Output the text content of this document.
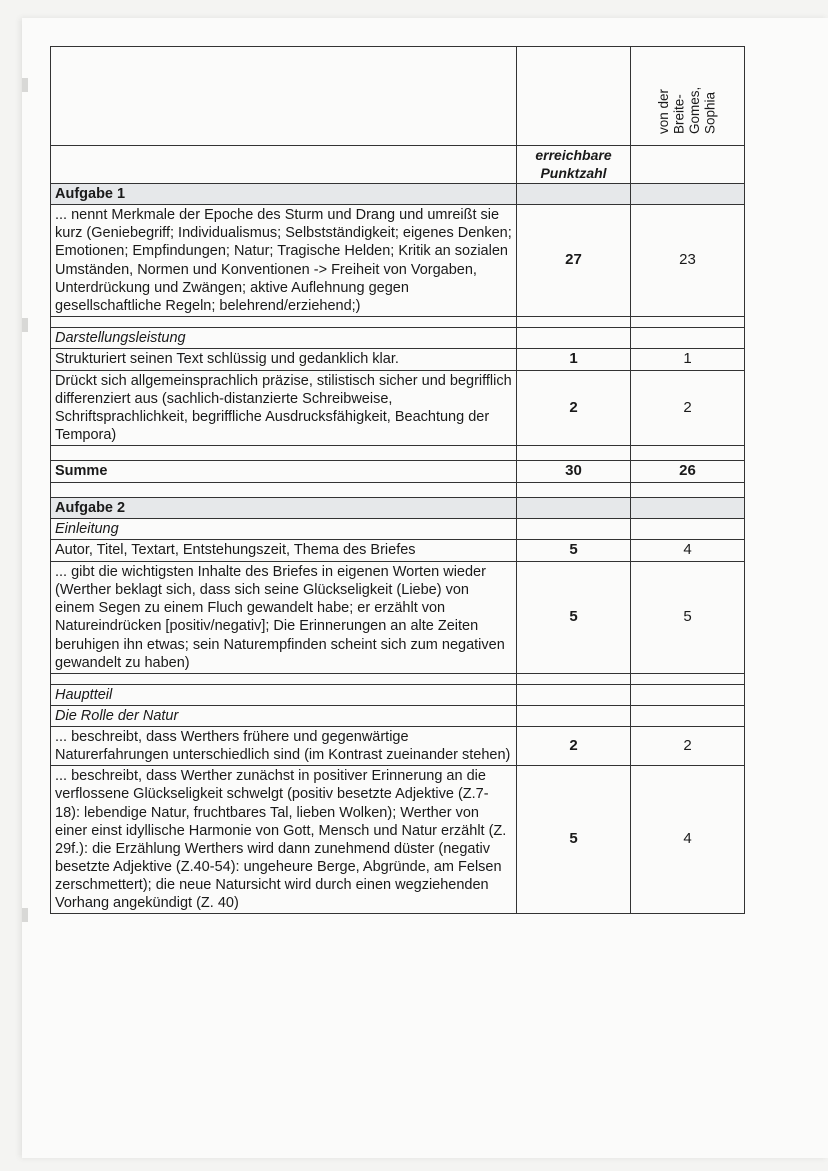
		von der
Breite-
Gomes,
Sophia

	erreichbare Punktzahl	
Aufgabe 1		
... nennt Merkmale der Epoche des Sturm und Drang und umreißt sie kurz (Geniebegriff; Individualismus; Selbstständigkeit; eigenes Denken; Emotionen; Empfindungen; Natur; Tragische Helden; Kritik an sozialen Umständen, Normen und Konventionen -> Freiheit von Vorgaben, Unterdrückung und Zwängen; aktive Auflehnung gegen gesellschaftliche Regeln; belehrend/erziehend;)	27	23

Darstellungsleistung		
Strukturiert seinen Text schlüssig und gedanklich klar.	1	1
Drückt sich allgemeinsprachlich präzise, stilistisch sicher und begrifflich differenziert aus (sachlich-distanzierte Schreibweise, Schriftsprachlichkeit, begriffliche Ausdrucksfähigkeit, Beachtung der Tempora)	2	2

Summe	30	26

Aufgabe 2		
Einleitung		
Autor, Titel, Textart, Entstehungszeit, Thema des Briefes	5	4
... gibt die wichtigsten Inhalte des Briefes in eigenen Worten wieder (Werther beklagt sich, dass sich seine Glückseligkeit (Liebe) von einem Segen zu einem Fluch gewandelt habe; er erzählt von Natureindrücken [positiv/negativ]; Die Erinnerungen an alte Zeiten beruhigen ihn etwas; sein Naturempfinden scheint sich zum negativen gewandelt zu haben)	5	5

Hauptteil		
Die Rolle der Natur		
... beschreibt, dass Werthers frühere und gegenwärtige Naturerfahrungen unterschiedlich sind (im Kontrast zueinander stehen)	2	2
... beschreibt, dass Werther zunächst in positiver Erinnerung an die verflossene Glückseligkeit schwelgt (positiv besetzte Adjektive (Z.7-18): lebendige Natur, fruchtbares Tal, lieben Wolken); Werther von einer einst idyllische Harmonie von Gott, Mensch und Natur erzählt (Z. 29f.): die Erzählung Werthers wird dann zunehmend düster (negativ besetzte Adjektive (Z.40-54): ungeheure Berge, Abgründe, am Felsen zerschmettert); die neue Natursicht wird durch einen wegziehenden Vorhang angekündigt (Z. 40)	5	4
